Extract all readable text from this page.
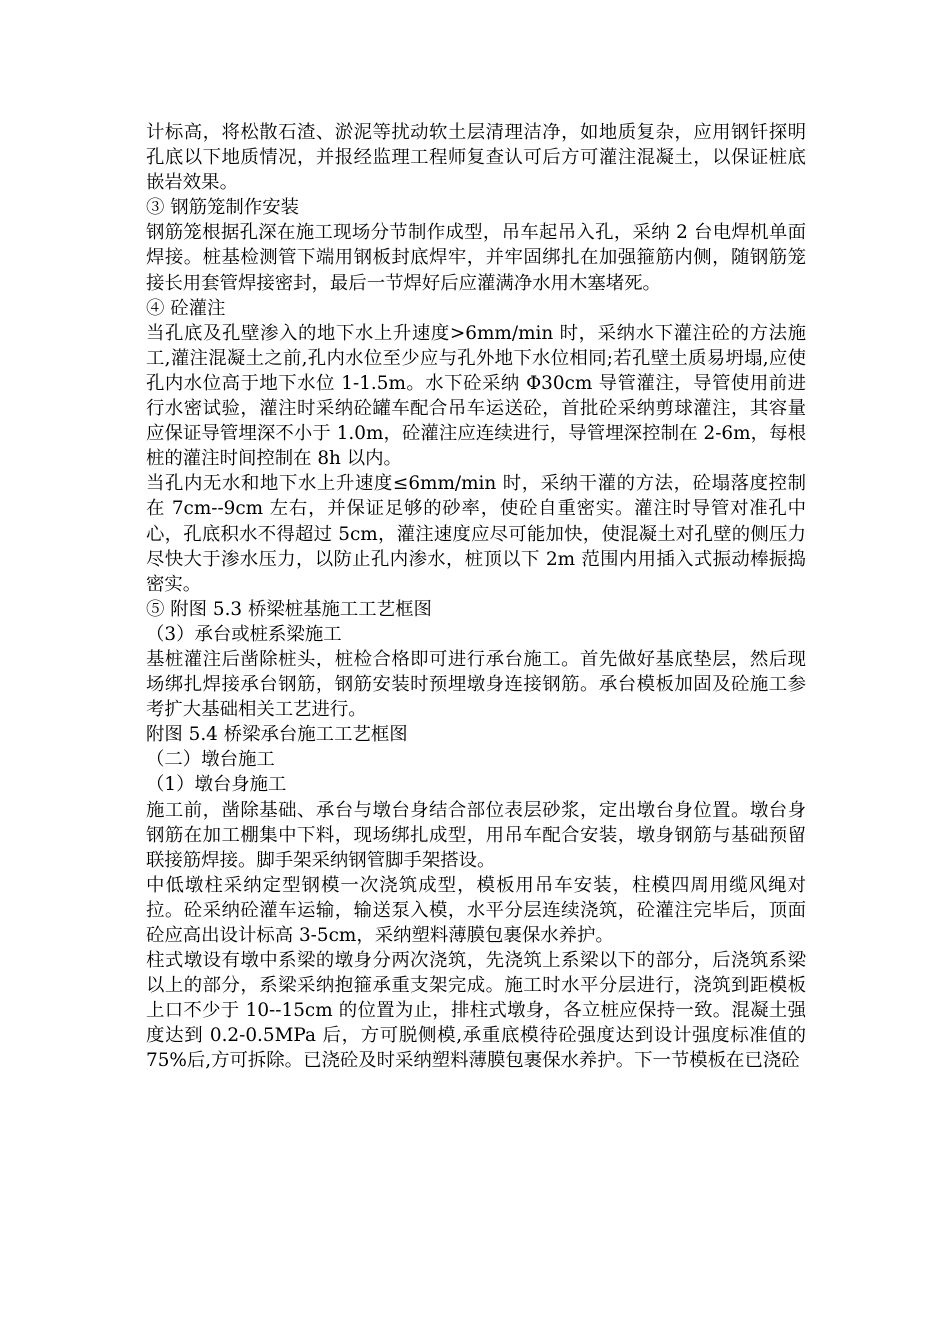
计标高，将松散石渣、淤泥等扰动软土层清理洁净，如地质复杂，应用钢钎探明孔底以下地质情况，并报经监理工程师复查认可后方可灌注混凝土，以保证桩底嵌岩效果。

③ 钢筋笼制作安装

钢筋笼根据孔深在施工现场分节制作成型，吊车起吊入孔，采纳 2 台电焊机单面焊接。桩基检测管下端用钢板封底焊牢，并牢固绑扎在加强箍筋内侧，随钢筋笼接长用套管焊接密封，最后一节焊好后应灌满净水用木塞堵死。

④ 砼灌注

当孔底及孔壁渗入的地下水上升速度>6mm/min 时，采纳水下灌注砼的方法施工,灌注混凝土之前,孔内水位至少应与孔外地下水位相同;若孔壁土质易坍塌,应使孔内水位高于地下水位 1-1.5m。水下砼采纳 Φ30cm 导管灌注，导管使用前进行水密试验，灌注时采纳砼罐车配合吊车运送砼，首批砼采纳剪球灌注，其容量应保证导管埋深不小于 1.0m，砼灌注应连续进行，导管埋深控制在 2-6m，每根桩的灌注时间控制在 8h 以内。

当孔内无水和地下水上升速度≤6mm/min 时，采纳干灌的方法，砼塌落度控制在 7cm--9cm 左右，并保证足够的砂率，使砼自重密实。灌注时导管对准孔中心，孔底积水不得超过 5cm，灌注速度应尽可能加快，使混凝土对孔壁的侧压力尽快大于渗水压力，以防止孔内渗水，桩顶以下 2m 范围内用插入式振动棒振捣密实。

⑤ 附图 5.3 桥梁桩基施工工艺框图

（3）承台或桩系梁施工

基桩灌注后凿除桩头，桩检合格即可进行承台施工。首先做好基底垫层，然后现场绑扎焊接承台钢筋，钢筋安装时预埋墩身连接钢筋。承台模板加固及砼施工参考扩大基础相关工艺进行。

附图 5.4 桥梁承台施工工艺框图

（二）墩台施工

（1）墩台身施工

施工前，凿除基础、承台与墩台身结合部位表层砂浆，定出墩台身位置。墩台身钢筋在加工棚集中下料，现场绑扎成型，用吊车配合安装，墩身钢筋与基础预留联接筋焊接。脚手架采纳钢管脚手架搭设。

中低墩柱采纳定型钢模一次浇筑成型，模板用吊车安装，柱模四周用缆风绳对拉。砼采纳砼灌车运输，输送泵入模，水平分层连续浇筑，砼灌注完毕后，顶面砼应高出设计标高 3-5cm，采纳塑料薄膜包裹保水养护。

柱式墩设有墩中系梁的墩身分两次浇筑，先浇筑上系梁以下的部分，后浇筑系梁以上的部分，系梁采纳抱箍承重支架完成。施工时水平分层进行，浇筑到距模板上口不少于 10--15cm 的位置为止，排柱式墩身，各立桩应保持一致。混凝土强度达到 0.2-0.5MPa 后，方可脱侧模,承重底模待砼强度达到设计强度标准值的 75%后,方可拆除。已浇砼及时采纳塑料薄膜包裹保水养护。下一节模板在已浇砼
